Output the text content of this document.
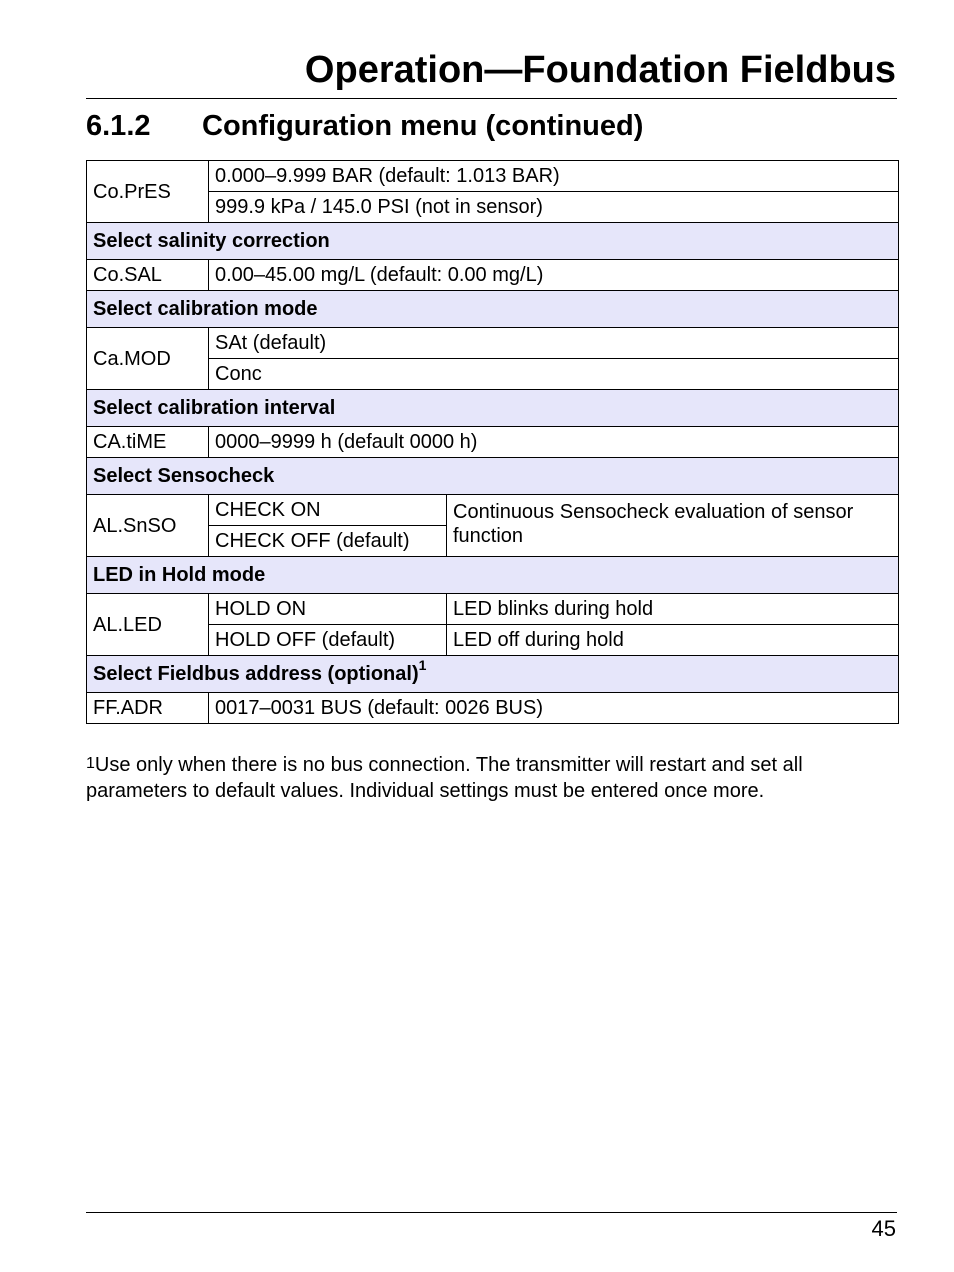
Operation—Foundation Fieldbus
6.1.2 Configuration menu (continued)
Co.PrES	0.000–9.999 BAR (default: 1.013 BAR)	
	999.9 kPa / 145.0 PSI (not in sensor)	
Select salinity correction		
Co.SAL	0.00–45.00 mg/L (default: 0.00 mg/L)	
Select calibration mode		
Ca.MOD	SAt (default)	
	Conc	
Select calibration interval		
CA.tiME	0000–9999 h (default 0000 h)	
Select Sensocheck		
AL.SnSO	CHECK ON	Continuous Sensocheck evaluation of sensor function
	CHECK OFF (default)	
LED in Hold mode		
AL.LED	HOLD ON	LED blinks during hold
	HOLD OFF (default)	LED off during hold
Select Fieldbus address (optional)$^1$
FF.ADR	0017–0031 BUS (default: 0026 BUS)	

1Use only when there is no bus connection. The transmitter will restart and set all parameters to default values. Individual settings must be entered once more.

45
